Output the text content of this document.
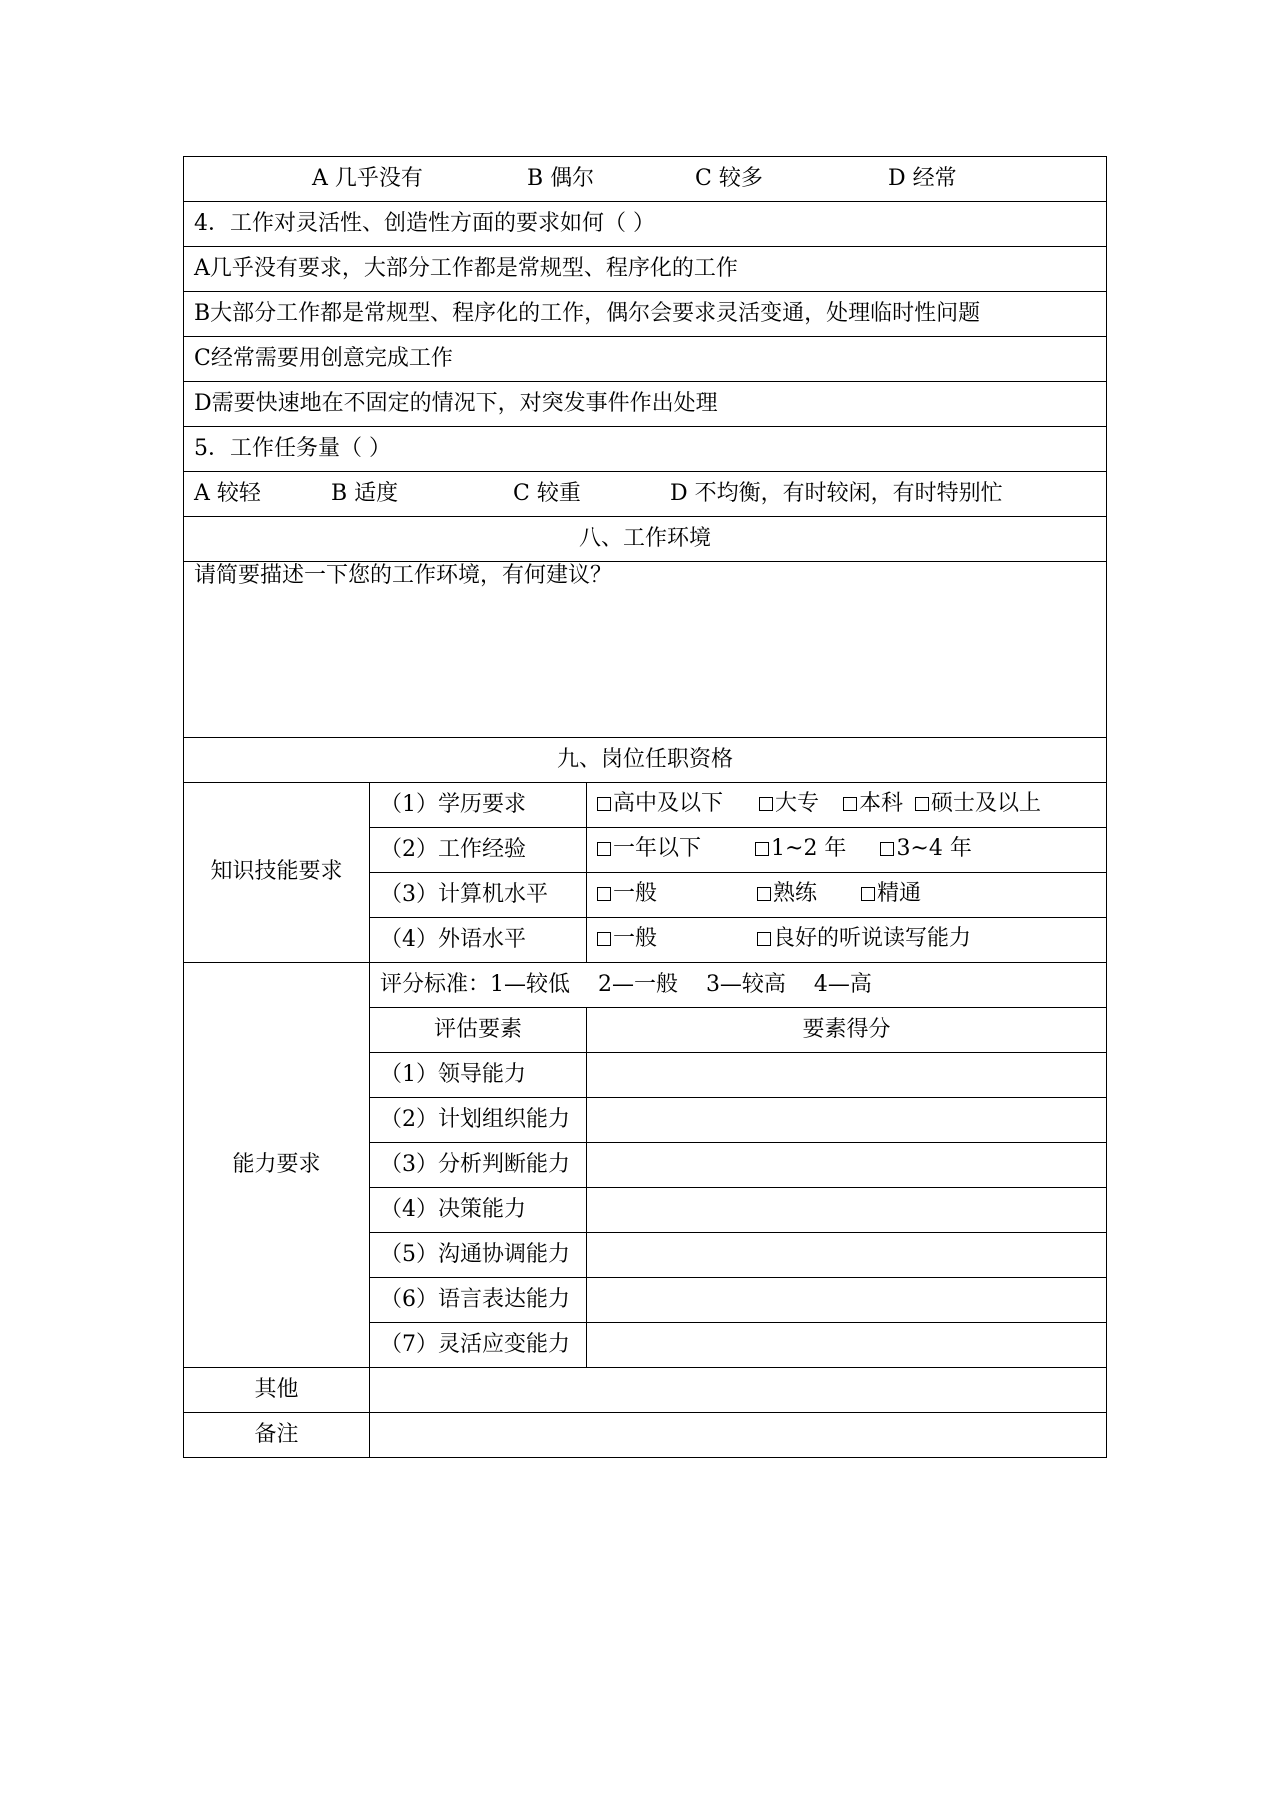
A 几乎没有 B 偶尔 C 较多 D 经常		

4．工作对灵活性、创造性方面的要求如何（ ）		
A几乎没有要求，大部分工作都是常规型、程序化的工作		
B大部分工作都是常规型、程序化的工作，偶尔会要求灵活变通，处理临时性问题		
C经常需要用创意完成工作		
D需要快速地在不固定的情况下，对突发事件作出处理		
5．工作任务量（ ）		

A 较轻 B 适度 C 较重 D 不均衡，有时较闲，有时特别忙		

八、工作环境		
请简要描述一下您的工作环境，有何建议？		
九、岗位任职资格		
知识技能要求	（1）学历要求	高中及以下 大专 本科 硕士及以上

	（2）工作经验	一年以下 1~2 年 3~4 年

	（3）计算机水平	一般 熟练 精通

	（4）外语水平	一般 良好的听说读写能力

能力要求	评分标准：1—较低    2—一般    3—较高    4—高	
	评估要素	要素得分
	（1）领导能力	
	（2）计划组织能力	
	（3）分析判断能力	
	（4）决策能力	
	（5）沟通协调能力	
	（6）语言表达能力	
	（7）灵活应变能力	
其他		
备注		
